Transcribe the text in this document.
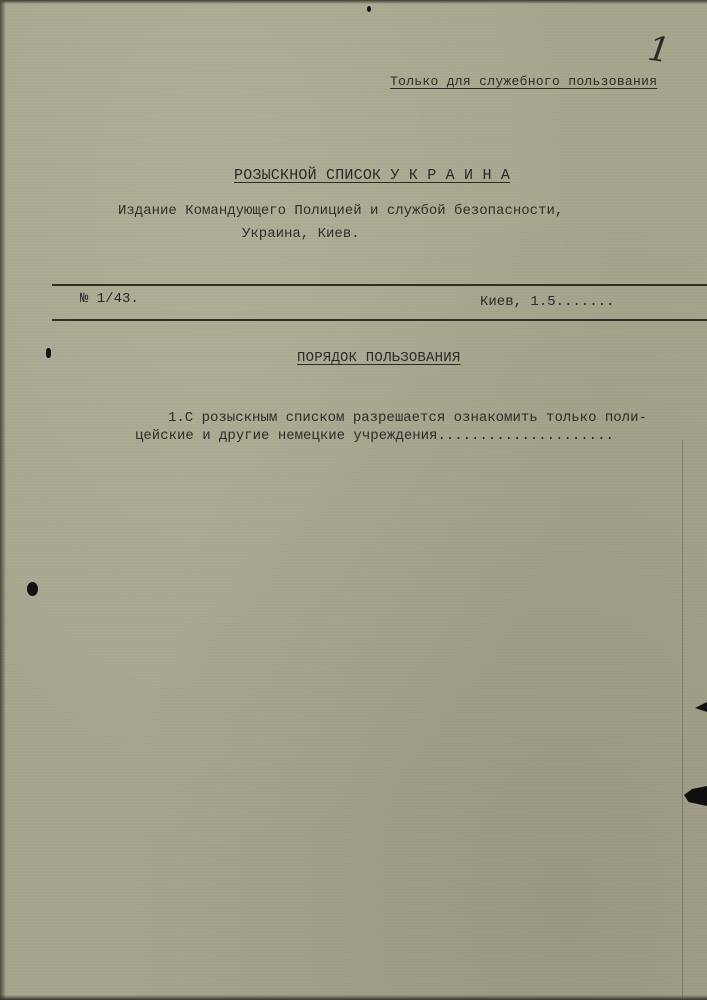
1
Только для служебного пользования
РОЗЫСКНОЙ СПИСОК У К Р А И Н А
Издание Командующего Полицией и службой безопасности,
Украина, Киев.
№ 1/43.	Киев, 1.5.......
ПОРЯДОК ПОЛЬЗОВАНИЯ
1.С розыскным списком разрешается ознакомить только поли-
цейские и другие немецкие учреждения.....................
